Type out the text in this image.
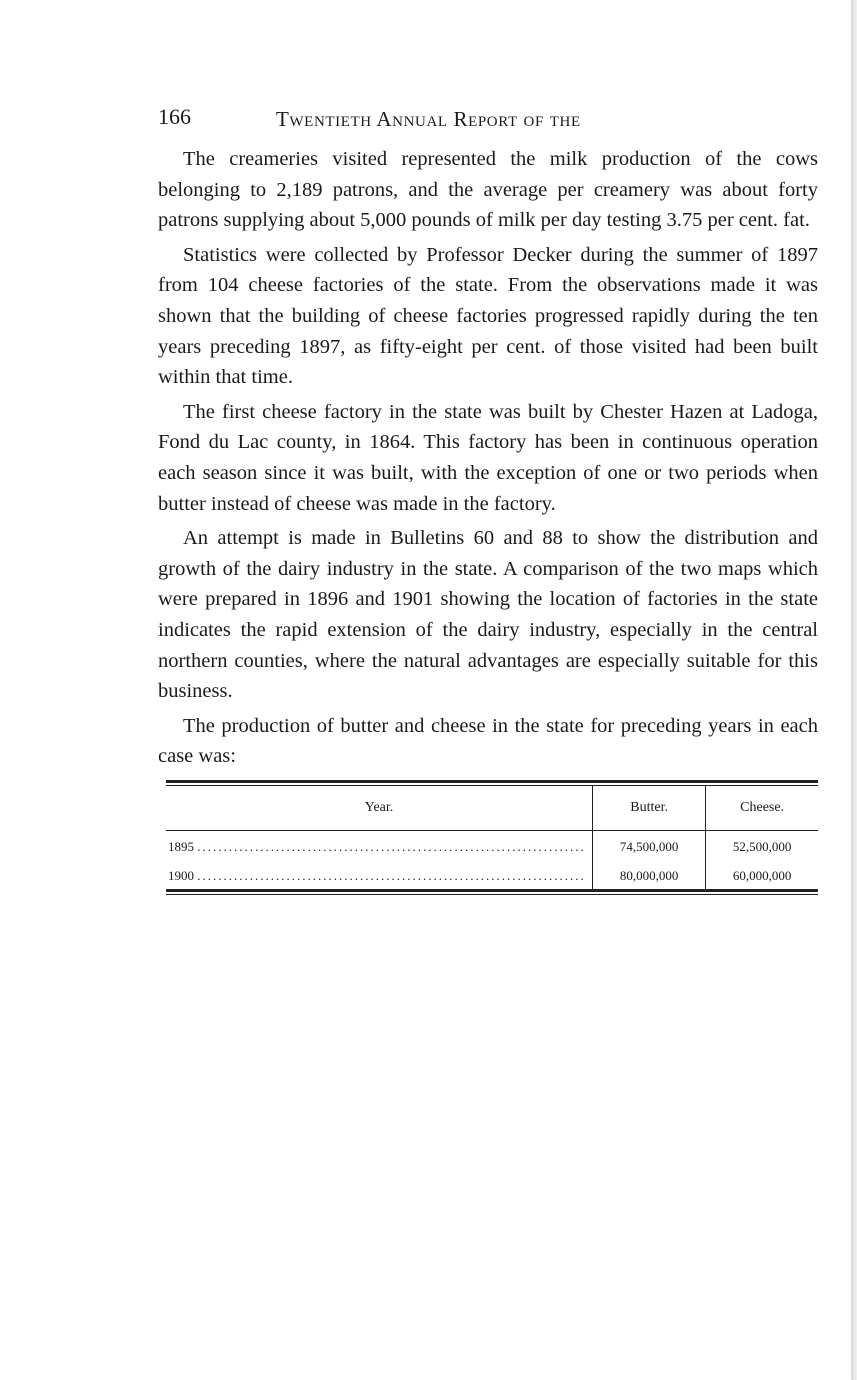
166	Twentieth Annual Report of the

The creameries visited represented the milk production of the cows belonging to 2,189 patrons, and the average per creamery was about forty patrons supplying about 5,000 pounds of milk per day testing 3.75 per cent. fat.

Statistics were collected by Professor Decker during the summer of 1897 from 104 cheese factories of the state. From the observations made it was shown that the building of cheese factories progressed rapidly during the ten years preceding 1897, as fifty-eight per cent. of those visited had been built within that time.

The first cheese factory in the state was built by Chester Hazen at Ladoga, Fond du Lac county, in 1864. This factory has been in continuous operation each season since it was built, with the exception of one or two periods when butter instead of cheese was made in the factory.

An attempt is made in Bulletins 60 and 88 to show the distribution and growth of the dairy industry in the state. A comparison of the two maps which were prepared in 1896 and 1901 showing the location of factories in the state indicates the rapid extension of the dairy industry, especially in the central northern counties, where the natural advantages are especially suitable for this business.

The production of butter and cheese in the state for preceding years in each case was:

Year.	Butter.	Cheese.
1895 ..........................................................................	74,500,000	52,500,000
1900 ..........................................................................	80,000,000	60,000,000
